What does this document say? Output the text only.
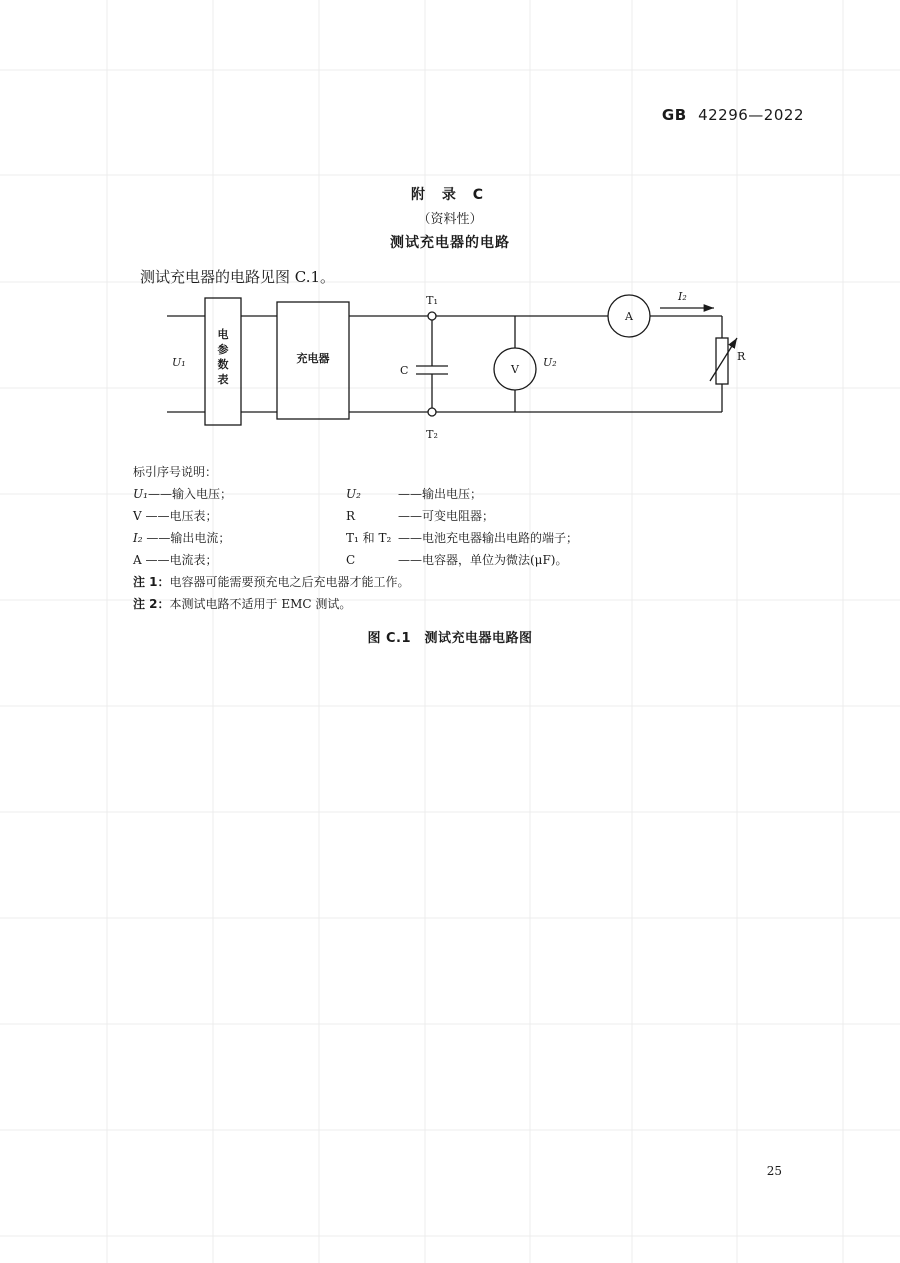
GB 42296—2022
附 录 C
（资料性）
测试充电器的电路
测试充电器的电路见图 C.1。
U₁
电
参
数
表
充电器
T₁
T₂
C	V
U₂
A
I₂
R
标引序号说明：
U₁——输入电压；	U₂	——输出电压；
V ——电压表；	R	——可变电阻器；
I₂ ——输出电流；	T₁ 和 T₂ ——电池充电器输出电路的端子；
A ——电流表；	C	——电容器，单位为微法(μF)。
注 1：电容器可能需要预充电之后充电器才能工作。
注 2：本测试电路不适用于 EMC 测试。
图 C.1　测试充电器电路图
25
